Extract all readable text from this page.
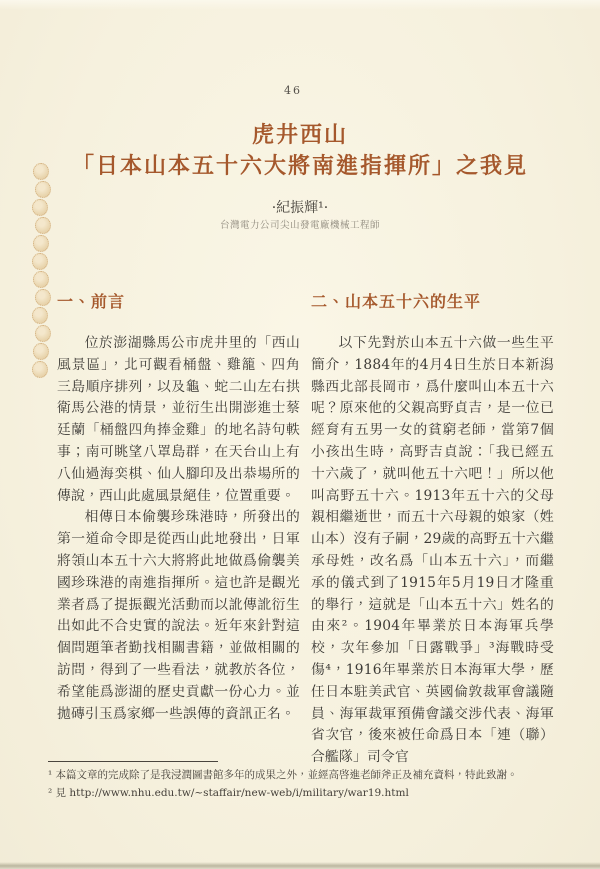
46
虎井西山
「日本山本五十六大將南進指揮所」之我見
·紀振輝¹·
台灣電力公司尖山發電廠機械工程師
一、前言

位於澎湖縣馬公市虎井里的「西山風景區」，北可觀看桶盤、雞籠、四角三島順序排列，以及龜、蛇二山左右拱衛馬公港的情景，並衍生出開澎進士蔡廷蘭「桶盤四角捧金雞」的地名詩句軼事；南可眺望八罩島群，在天台山上有八仙過海奕棋、仙人腳印及出恭場所的傳說，西山此處風景絕佳，位置重要。

相傳日本偷襲珍珠港時，所發出的第一道命令即是從西山此地發出，日軍將領山本五十六大將將此地做爲偷襲美國珍珠港的南進指揮所。這也許是觀光業者爲了提振觀光活動而以訛傳訛衍生出如此不合史實的說法。近年來針對這個問題筆者勤找相關書籍，並做相關的訪問，得到了一些看法，就教於各位，希望能爲澎湖的歷史貢獻一份心力。並拋磚引玉爲家鄉一些誤傳的資訊正名。

二、山本五十六的生平

以下先對於山本五十六做一些生平簡介，1884年的4月4日生於日本新潟縣西北部長岡市，爲什麼叫山本五十六呢？原來他的父親高野貞吉，是一位已經育有五男一女的貧窮老師，當第7個小孩出生時，高野吉貞說：「我已經五十六歲了，就叫他五十六吧！」所以他叫高野五十六。1913年五十六的父母親相繼逝世，而五十六母親的娘家（姓山本）沒有子嗣，29歲的高野五十六繼承母姓，改名爲「山本五十六」，而繼承的儀式到了1915年5月19日才隆重的舉行，這就是「山本五十六」姓名的由來²。1904年畢業於日本海軍兵學校，次年參加「日露戰爭」³海戰時受傷⁴，1916年畢業於日本海軍大學，歷任日本駐美武官、英國倫敦裁軍會議隨員、海軍裁軍預備會議交涉代表、海軍省次官，後來被任命爲日本「連（聯）合艦隊」司令官

¹ 本篇文章的完成除了是我浸潤圖書館多年的成果之外，並經高啓進老師斧正及補充資料，特此致謝。

² 見 http://www.nhu.edu.tw/~staffair/new-web/i/military/war19.html
